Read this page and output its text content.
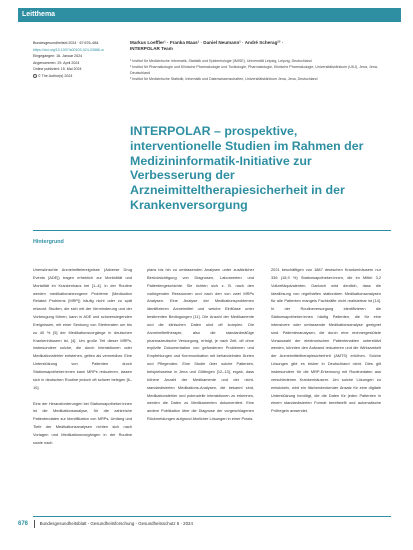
Leitthema
Bundesgesundheitsbl 2024 · 67:676–684
https://doi.org/10.1007/s00103-024-03886-w
Eingegangen: 16. Januar 2024
Angenommen: 29. April 2024
Online publiziert: 15. Mai 2024
© The Author(s) 2024
Markus Loeffler¹ · Franka Maas¹ · Daniel Neumann¹ · André Scherag²³ ·
INTERPOLAR Team

¹ Institut für Medizinische Informatik, Statistik und Epidemiologie (IMISE), Universität Leipzig, Leipzig, Deutschland

² Institut für Pharmakologie und Klinische Pharmakologie und Toxikologie, Pharmakologie, Klinische Pharmakologie, Universitätsklinikum (UKJ), Jena, Jena, Deutschland

³ Institut für Medizinische Statistik, Informatik und Datenwissenschaften, Universitätsklinikum Jena, Jena, Deutschland

INTERPOLAR – prospektive, interventionelle Studien im Rahmen der Medizininformatik-Initiative zur Verbesserung der Arzneimitteltherapiesicherheit in der Krankenversorgung
Hintergrund

Unerwünschte Arzneimittelereignisse (Adverse Drug Events [ADE]) tragen erheblich zur Morbidität und Mortalität im Krankenhaus bei [1–4]. In der Routine werden medikationsbezogene Probleme (Medication Related Problems [MRP]) häufig nicht oder zu spät erkannt. Studien, die sich mit der Verminderung und der Vorbeugung führen, kann in ADE und schwerwiegenden Ereignissen, mit einer Senkung von Sterberaten um bis zu 40 % [5] der Medikationsvorgänge in deutschen Krankenhäusern ist, [4]. Um große Teil dieser MRPs, insbesondere solche, die durch Interaktionen oder Medikationsfehler entstehen, gelten als vermeidbar. Eine Unterstützung von Patienten durch Stationsapotheker:innen kann MRPs reduzieren, lassen sich in deutschen Routine jedoch oft schwer belegen [6–10].

Eine der Herausforderungen bei Stationsapotheker:innen ist die Medikationsanalyse, für die zahlreiche Patientendaten zur Identifikation von MRPs, Umfang und Tiefe der Medikationsanalysen richten sich nach Vorlagen und Medikationsvorgängen in der Routine sowie nach

plans bis hin zu umfassenden Analysen unter zusätzlicher Berücksichtigung von Diagnosen, Laborwerten und Patientengeschichte. Sie richten sich z. B. nach den vorliegenden Ressourcen und nach den von zwei MRPs Analysen. Eine Analyse der Medikationsproblemen identifizieren Arzneimittel und welche Einflüsse unter bestimmten Bedingungen [11]. Die Anzahl der Medikamente und die klinischen Daten sind oft komplex. Die Arzneimitteltherapie, also die standardmäßige pharmazeutische Versorgung, erfolgt, je nach Zeit, oft ohne explizite Dokumentation von gefundenen Problemen und Empfehlungen und Kommunikation mit behandelnden Ärzten und Pflegenden. Eine Studie über solche Patienten, beispielsweise in Jena und Göttingen [12–13], ergab, dass höhere Anzahl der Medikamente und der nicht-standardisierten Medikations-Analysen, die bekannt sind, Medikationsfehler und potenzielle Interaktionen zu erkennen, werden die Daten zu Medikamenten dokumentiert. Eine andere Publikation über die Diagnose der vorgeschlagenen Rückmeldungen aufgrund ähnlicher Lösungen in einer Praxis.

2021 beschäftigen von 1887 deutschen Krankenhäusern nur 336 (18,9 %) Stationsapotheker:innen, die im Mittel 3,2 Vollzeitäquivalenten. Dadurch wird deutlich, dass die Ideallösung von regelhaften stationären Medikationsanalysen für alle Patienten mangels Fachkräfte nicht realisierbar ist [14]. In der Routineversorgung identifizieren die Stationsapotheker:innen häufig Patienten, die für eine intensivere oder umfassende Medikationsanalyse geeignet sind. Patientenanalysen, die durch eine rechnergestützte Vorauswahl der elektronischen Patientenakten unterstützt werden, könnten den Aufwand reduzieren und die Wirksamkeit der Arzneimitteltherapiesicherheit (AMTS) erhöhen. Solche Lösungen gibt es bisher in Deutschland nicht. Dies gilt insbesondere für die MRP-Erkennung mit Routinedaten aus verschiedenen Krankenhäusern. Um solche Lösungen zu entwickeln, wird ein flächendeckender Ansatz für eine digitale Unterstützung benötigt, die die Daten für jeden Patienten in einem standardisierten Format bereitstellt und automatische Prüfregeln anwendet.

676	Bundesgesundheitsblatt - Gesundheitsforschung - Gesundheitsschutz 6 · 2024
